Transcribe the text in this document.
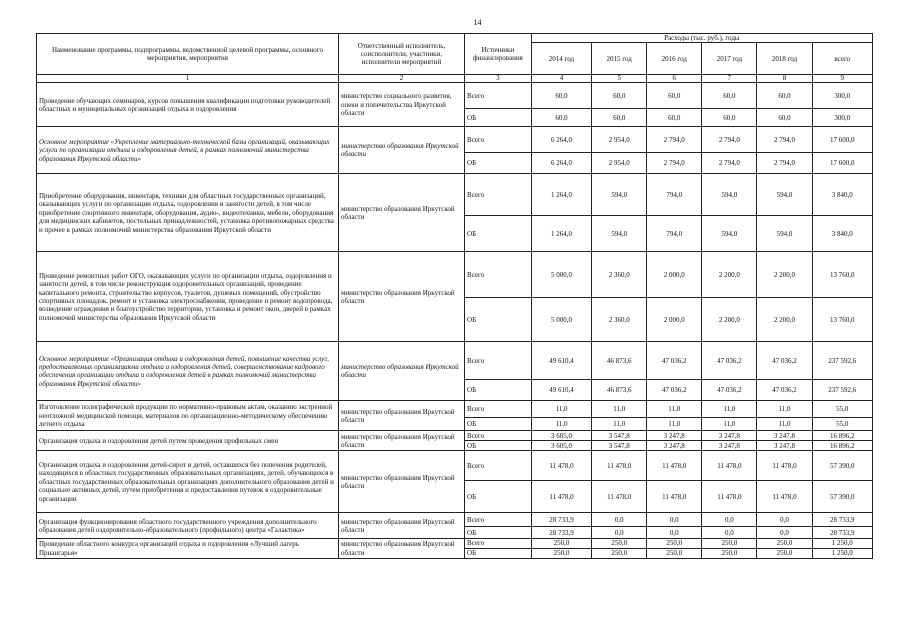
14
Наименование программы, подпрограммы, ведомственной целевой программы, основного мероприятия, мероприятия	Ответственный исполнитель, соисполнители, участники, исполнители мероприятий	Источники финансирования	Расходы (тыс. руб.), годы					
			2014 год	2015 год	2016 год	2017 год	2018 год	всего
1	2	3	4	5	6	7	8	9
Проведение обучающих семинаров, курсов повышения квалификации подготовки руководителей областных и муниципальных организаций отдыха и оздоровления	министерство социального развития, опеки и попечительства Иркутской области	Всего	60,0	60,0	60,0	60,0	60,0	300,0
		ОБ	60,0	60,0	60,0	60,0	60,0	300,0
Основное мероприятие «Укрепление материально-технической базы организаций, оказывающих услуги по организации отдыха и оздоровления детей, в рамках полномочий министерства образования Иркутской области»	министерство образования Иркутской области	Всего	6 264,0	2 954,0	2 794,0	2 794,0	2 794,0	17 600,0
		ОБ	6 264,0	2 954,0	2 794,0	2 794,0	2 794,0	17 600,0
Приобретение оборудования, инвентаря, техники для областных государственных организаций, оказывающих услуги по организации отдыха, оздоровления и занятости детей, в том числе приобретение спортивного инвентаря, оборудования, аудио-, видеотехники, мебели, оборудования для медицинских кабинетов, постельных принадлежностей, установка противопожарных средства и прочее в рамках полномочий министерства образования Иркутской области	министерство образования Иркутской области	Всего	1 264,0	594,0	794,0	594,0	594,0	3 840,0
		ОБ	1 264,0	594,0	794,0	594,0	594,0	3 840,0
Проведение ремонтных работ ОГО, оказывающих услуги по организации отдыха, оздоровления и занятости детей, в том числе реконструкция оздоровительных организаций, проведение капитального ремонта, строительство корпусов, туалетов, душевых помещений, обустройство спортивных площадок, ремонт и установка электроснабжения, проведение и ремонт водопровода, возведение ограждения и благоустройство территории, установка и ремонт окон, дверей в рамках полномочий министерства образования Иркутской области	министерство образования Иркутской области	Всего	5 000,0	2 360,0	2 000,0	2 200,0	2 200,0	13 760,0
		ОБ	5 000,0	2 360,0	2 000,0	2 200,0	2 200,0	13 760,0
Основное мероприятие «Организация отдыха и оздоровления детей, повышение качества услуг, предоставляемых организациями отдыха и оздоровления детей, совершенствование кадрового обеспечения организации отдыха и оздоровления детей в рамках полномочий министерства образования Иркутской области»	министерство образования Иркутской области	Всего	49 610,4	46 873,6	47 036,2	47 036,2	47 036,2	237 592,6
		ОБ	49 610,4	46 873,6	47 036,2	47 036,2	47 036,2	237 592,6
Изготовление полиграфической продукции по нормативно-правовым актам, оказанию экстренной неотложной медицинской помощи, материалов по организационно-методическому обеспечению летнего отдыха	министерство образования Иркутской области	Всего	11,0	11,0	11,0	11,0	11,0	55,0
		ОБ	11,0	11,0	11,0	11,0	11,0	55,0
Организация отдыха и оздоровления детей путем проведения профильных смен	министерство образования Иркутской области	Всего	3 605,0	3 547,8	3 247,8	3 247,8	3 247,8	16 896,2
		ОБ	3 605,0	3 547,8	3 247,8	3 247,8	3 247,8	16 896,2
Организация отдыха и оздоровления детей-сирот и детей, оставшихся без попечения родителей, находящихся в областных государственных образовательных организациях, детей, обучающихся в областных государственных образовательных организациях дополнительного образования детей и социально активных детей, путем приобретения и предоставления путевок в оздоровительные организации	министерство образования Иркутской области	Всего	11 478,0	11 478,0	11 478,0	11 478,0	11 478,0	57 390,0
		ОБ	11 478,0	11 478,0	11 478,0	11 478,0	11 478,0	57 390,0
Организация функционирования областного государственного учреждения дополнительного образования детей оздоровительно-образовательного (профильного) центра «Галактика»	министерство образования Иркутской области	Всего	28 733,9	0,0	0,0	0,0	0,0	28 733,9
		ОБ	28 733,9	0,0	0,0	0,0	0,0	28 733,9
Проведение областного конкурса организаций отдыха и оздоровления «Лучший лагерь Приангарья»	министерство образования Иркутской области	Всего	250,0	250,0	250,0	250,0	250,0	1 250,0
		ОБ	250,0	250,0	250,0	250,0	250,0	1 250,0
